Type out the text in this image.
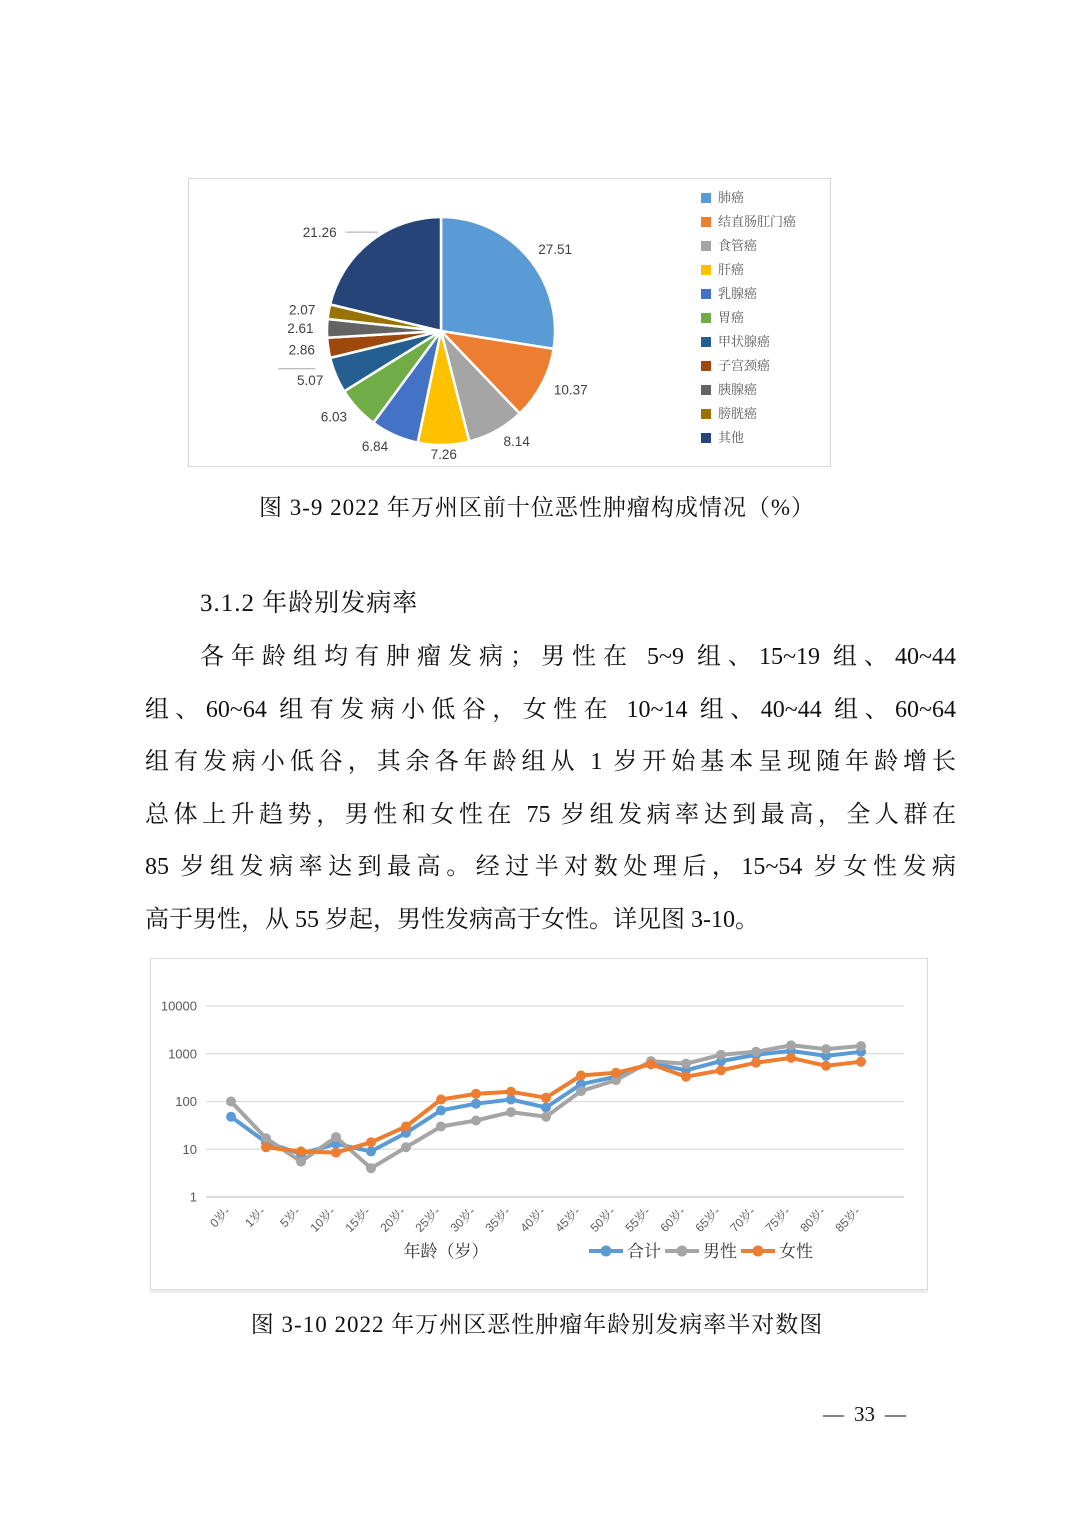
27.51
10.37
8.14
7.26
6.84
6.03
5.07
2.86
2.61
2.07
21.26
肺癌
结直肠肛门癌
食管癌
肝癌
乳腺癌
胃癌
甲状腺癌
子宫颈癌
胰腺癌
膀胱癌
其他
图 3-9 2022 年万州区前十位恶性肿瘤构成情况（%）
3.1.2 年龄别发病率
各年龄组均有肿瘤发病；男性在 5~9 组、15~19 组、40~44
组、60~64 组有发病小低谷，女性在 10~14 组、40~44 组、60~64
组有发病小低谷，其余各年龄组从 1 岁开始基本呈现随年龄增长
总体上升趋势，男性和女性在 75 岁组发病率达到最高，全人群在
85 岁组发病率达到最高。经过半对数处理后，15~54 岁女性发病
高于男性，从 55 岁起，男性发病高于女性。详见图 3-10。
10000
1000
100
10
1
0岁- 1岁- 5岁- 10岁- 15岁- 20岁- 25岁- 30岁- 35岁- 40岁- 45岁- 50岁- 55岁- 60岁- 65岁- 70岁- 75岁- 80岁- 85岁-
年龄（岁）	合计 男性 女性
图 3-10 2022 年万州区恶性肿瘤年龄别发病率半对数图
— 33 —
